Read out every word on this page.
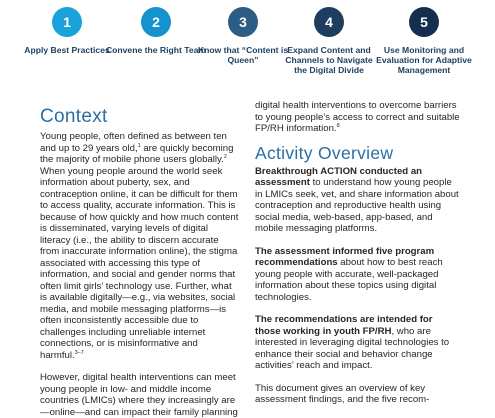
1
Apply Best Practices
2
Convene the Right Team
3
Know that “Content is Queen”
4
Expand Content and Channels to Navigate the Digital Divide
5
Use Monitoring and Evaluation for Adaptive Management
Context

Young people, often defined as between ten and up to 29 years old,$^1$ are quickly becoming the majority of mobile phone users globally.$^2$ When young people around the world seek information about puberty, sex, and contraception online, it can be difficult for them to access quality, accurate information. This is because of how quickly and how much content is disseminated, varying levels of digital literacy (i.e., the ability to discern accurate from inaccurate information online), the stigma associated with accessing this type of information, and social and gender norms that often limit girls’ technology use. Further, what is available digitally—e.g., via websites, social media, and mobile messaging platforms—is often inconsistently accessible due to challenges including unreliable internet connections, or is misinformative and harmful.$^{3-7}$

However, digital health interventions can meet young people in low- and middle income countries (LMICs) where they increasingly are—online—and can impact their family planning

digital health interventions to overcome barriers to young people’s access to correct and suitable FP/RH information.$^8$

Activity Overview

Breakthrough ACTION conducted an assessment to understand how young people in LMICs seek, vet, and share information about contraception and reproductive health using social media, web-based, app-based, and mobile messaging platforms.

The assessment informed five program recommendations about how to best reach young people with accurate, well-packaged information about these topics using digital technologies.

The recommendations are intended for those working in youth FP/RH, who are interested in leveraging digital technologies to enhance their social and behavior change activities’ reach and impact.

This document gives an overview of key assessment findings, and the five recom-
